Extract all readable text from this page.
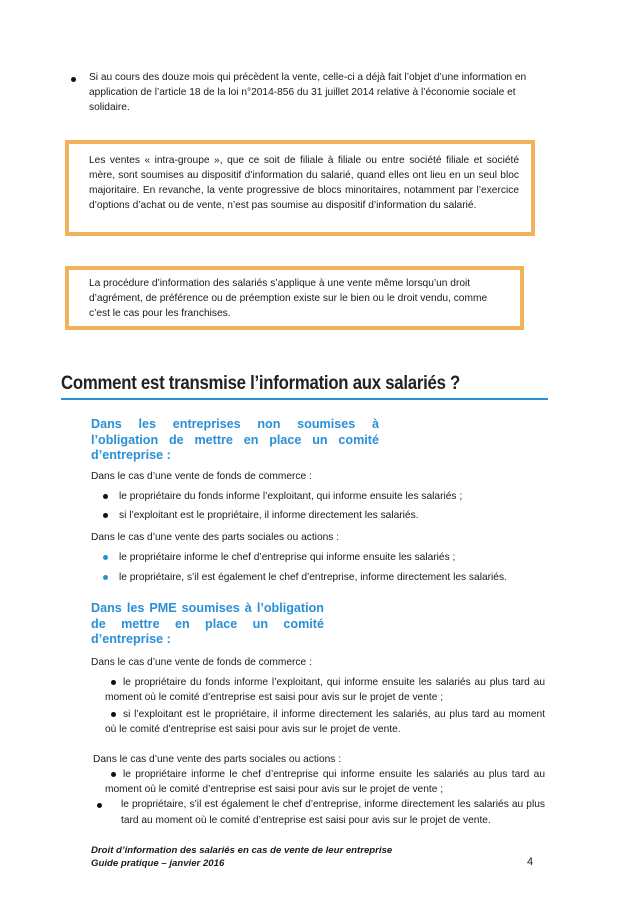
Si au cours des douze mois qui précèdent la vente, celle-ci a déjà fait l’objet d’une information en application de l’article 18 de la loi n°2014-856 du 31 juillet 2014 relative à l’économie sociale et solidaire.
Les ventes « intra-groupe », que ce soit de filiale à filiale ou entre société filiale et société mère, sont soumises au dispositif d’information du salarié, quand elles ont lieu en un seul bloc majoritaire. En revanche, la vente progressive de blocs minoritaires, notamment par l’exercice d’options d’achat ou de vente, n’est pas soumise au dispositif d’information du salarié.
La procédure d’information des salariés s’applique à une vente même lorsqu’un droit d’agrément, de préférence ou de préemption existe sur le bien ou le droit vendu, comme c’est le cas pour les franchises.
Comment est transmise l’information aux salariés ?
Dans les entreprises non soumises à l’obligation de mettre en place un comité d’entreprise :
Dans le cas d’une vente de fonds de commerce :
le propriétaire du fonds informe l’exploitant, qui informe ensuite les salariés ;
si l’exploitant est le propriétaire, il informe directement les salariés.
Dans le cas d’une vente des parts sociales ou actions :
le propriétaire informe le chef d’entreprise qui informe ensuite les salariés ;
le propriétaire, s’il est également le chef d’entreprise, informe directement les salariés.
Dans les PME soumises à l’obligation de mettre en place un comité d’entreprise :
Dans le cas d’une vente de fonds de commerce :
le propriétaire du fonds informe l’exploitant, qui informe ensuite les salariés au plus tard au moment où le comité d’entreprise est saisi pour avis sur le projet de vente ;
si l’exploitant est le propriétaire, il informe directement les salariés, au plus tard au moment où le comité d’entreprise est saisi pour avis sur le projet de vente.
Dans le cas d’une vente des parts sociales ou actions :
le propriétaire informe le chef d’entreprise qui informe ensuite les salariés au plus tard au moment où le comité d’entreprise est saisi pour avis sur le projet de vente ;
le propriétaire, s’il est également le chef d’entreprise, informe directement les salariés au plus tard au moment où le comité d’entreprise est saisi pour avis sur le projet de vente.
Droit d’information des salariés en cas de vente de leur entreprise
Guide pratique – janvier 2016	4
